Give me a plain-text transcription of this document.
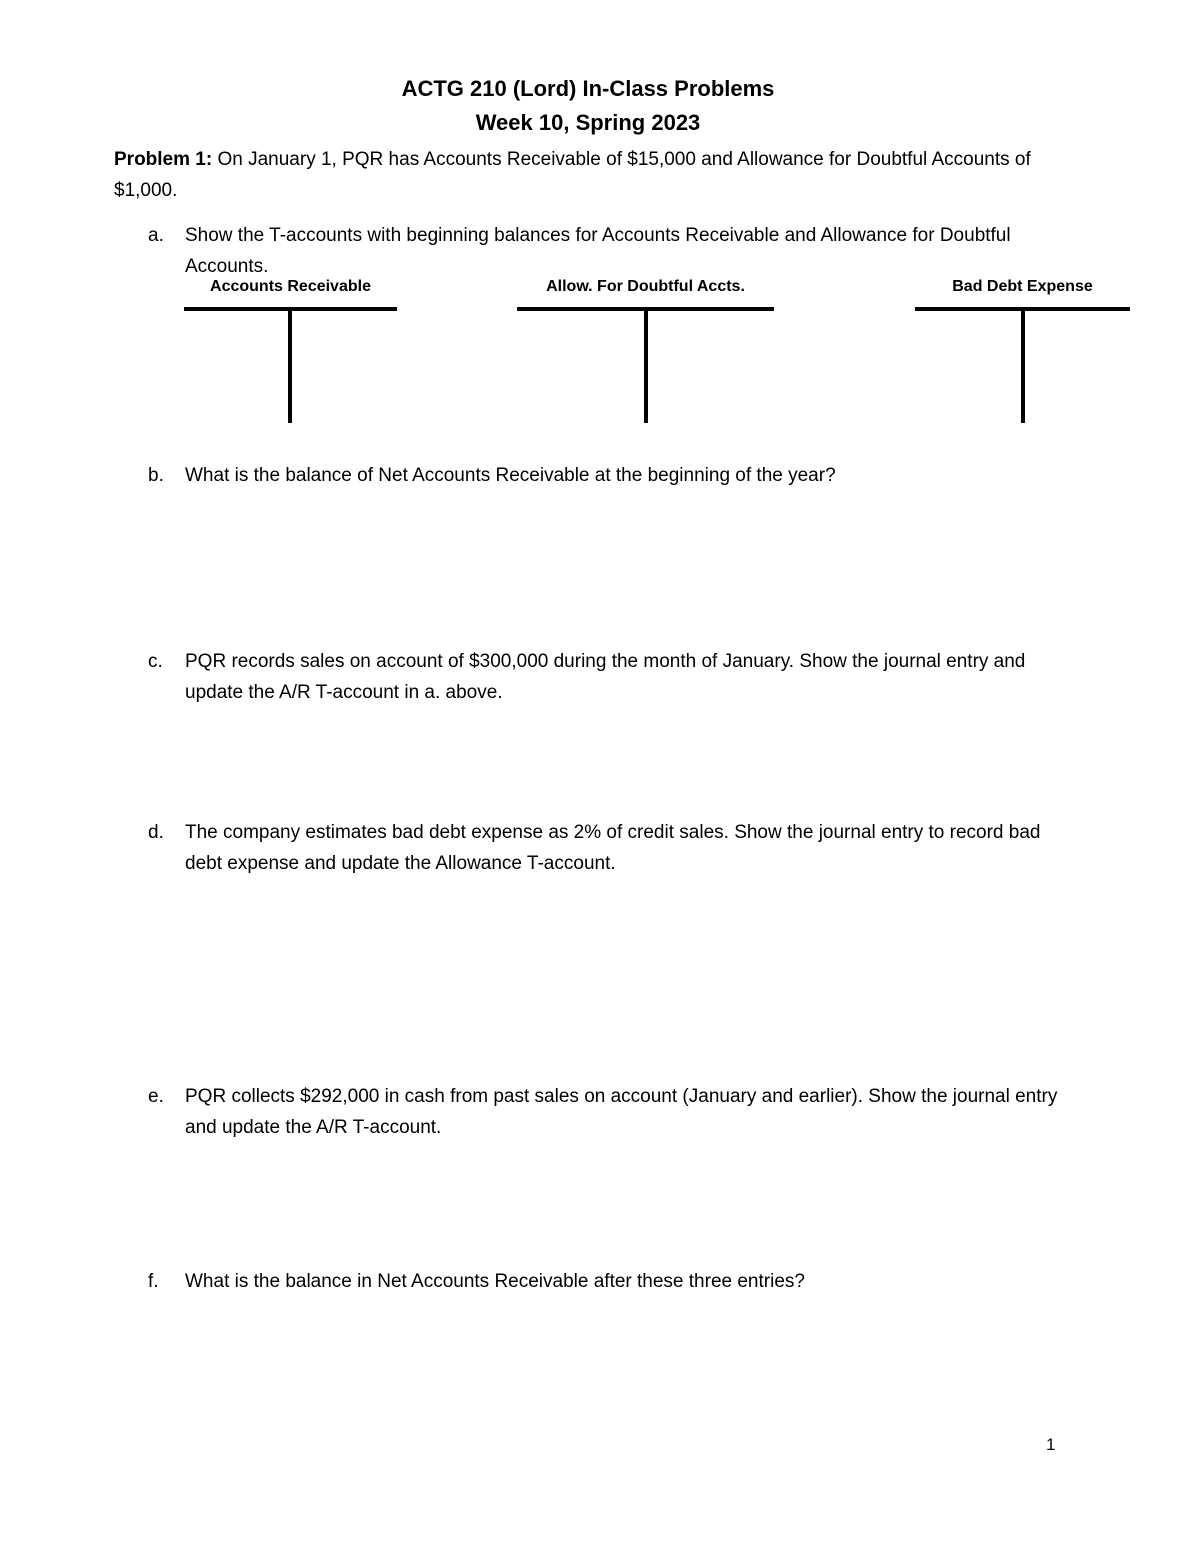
ACTG 210 (Lord) In-Class Problems
Week 10, Spring 2023
Problem 1: On January 1, PQR has Accounts Receivable of $15,000 and Allowance for Doubtful Accounts of $1,000.
a. Show the T-accounts with beginning balances for Accounts Receivable and Allowance for Doubtful Accounts.
Accounts Receivable	Allow. For Doubtful Accts.	Bad Debt Expense
b. What is the balance of Net Accounts Receivable at the beginning of the year?
c. PQR records sales on account of $300,000 during the month of January. Show the journal entry and update the A/R T-account in a. above.
d. The company estimates bad debt expense as 2% of credit sales. Show the journal entry to record bad debt expense and update the Allowance T-account.
e. PQR collects $292,000 in cash from past sales on account (January and earlier). Show the journal entry and update the A/R T-account.
f. What is the balance in Net Accounts Receivable after these three entries?
1
